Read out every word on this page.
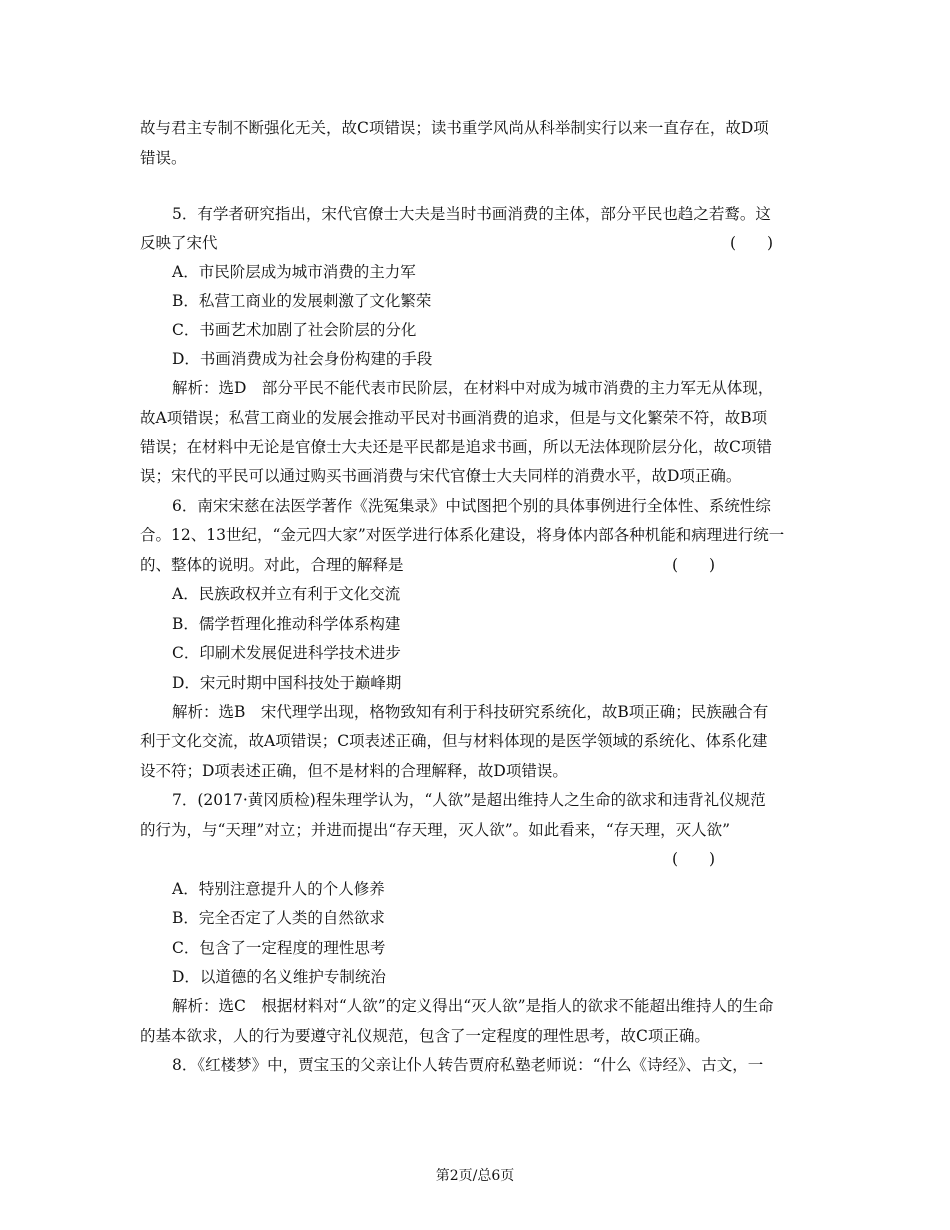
故与君主专制不断强化无关，故C项错误；读书重学风尚从科举制实行以来一直存在，故D项
错误。
5．有学者研究指出，宋代官僚士大夫是当时书画消费的主体，部分平民也趋之若鹜。这
反映了宋代	(　　)
A．市民阶层成为城市消费的主力军
B．私营工商业的发展刺激了文化繁荣
C．书画艺术加剧了社会阶层的分化
D．书画消费成为社会身份构建的手段
解析：选D　部分平民不能代表市民阶层，在材料中对成为城市消费的主力军无从体现，
故A项错误；私营工商业的发展会推动平民对书画消费的追求，但是与文化繁荣不符，故B项
错误；在材料中无论是官僚士大夫还是平民都是追求书画，所以无法体现阶层分化，故C项错
误；宋代的平民可以通过购买书画消费与宋代官僚士大夫同样的消费水平，故D项正确。
6．南宋宋慈在法医学著作《洗冤集录》中试图把个别的具体事例进行全体性、系统性综
合。12、13世纪，“金元四大家”对医学进行体系化建设，将身体内部各种机能和病理进行统一
的、整体的说明。对此，合理的解释是	(　　)
A．民族政权并立有利于文化交流
B．儒学哲理化推动科学体系构建
C．印刷术发展促进科学技术进步
D．宋元时期中国科技处于巅峰期
解析：选B　宋代理学出现，格物致知有利于科技研究系统化，故B项正确；民族融合有
利于文化交流，故A项错误；C项表述正确，但与材料体现的是医学领域的系统化、体系化建
设不符；D项表述正确，但不是材料的合理解释，故D项错误。
7．(2017·黄冈质检)程朱理学认为，“人欲”是超出维持人之生命的欲求和违背礼仪规范
的行为，与“天理”对立；并进而提出“存天理，灭人欲”。如此看来，“存天理，灭人欲”
(　　)
A．特别注意提升人的个人修养
B．完全否定了人类的自然欲求
C．包含了一定程度的理性思考
D．以道德的名义维护专制统治
解析：选C　根据材料对“人欲”的定义得出“灭人欲”是指人的欲求不能超出维持人的生命
的基本欲求，人的行为要遵守礼仪规范，包含了一定程度的理性思考，故C项正确。
8．《红楼梦》中，贾宝玉的父亲让仆人转告贾府私塾老师说：“什么《诗经》、古文，一
第2页/总6页
